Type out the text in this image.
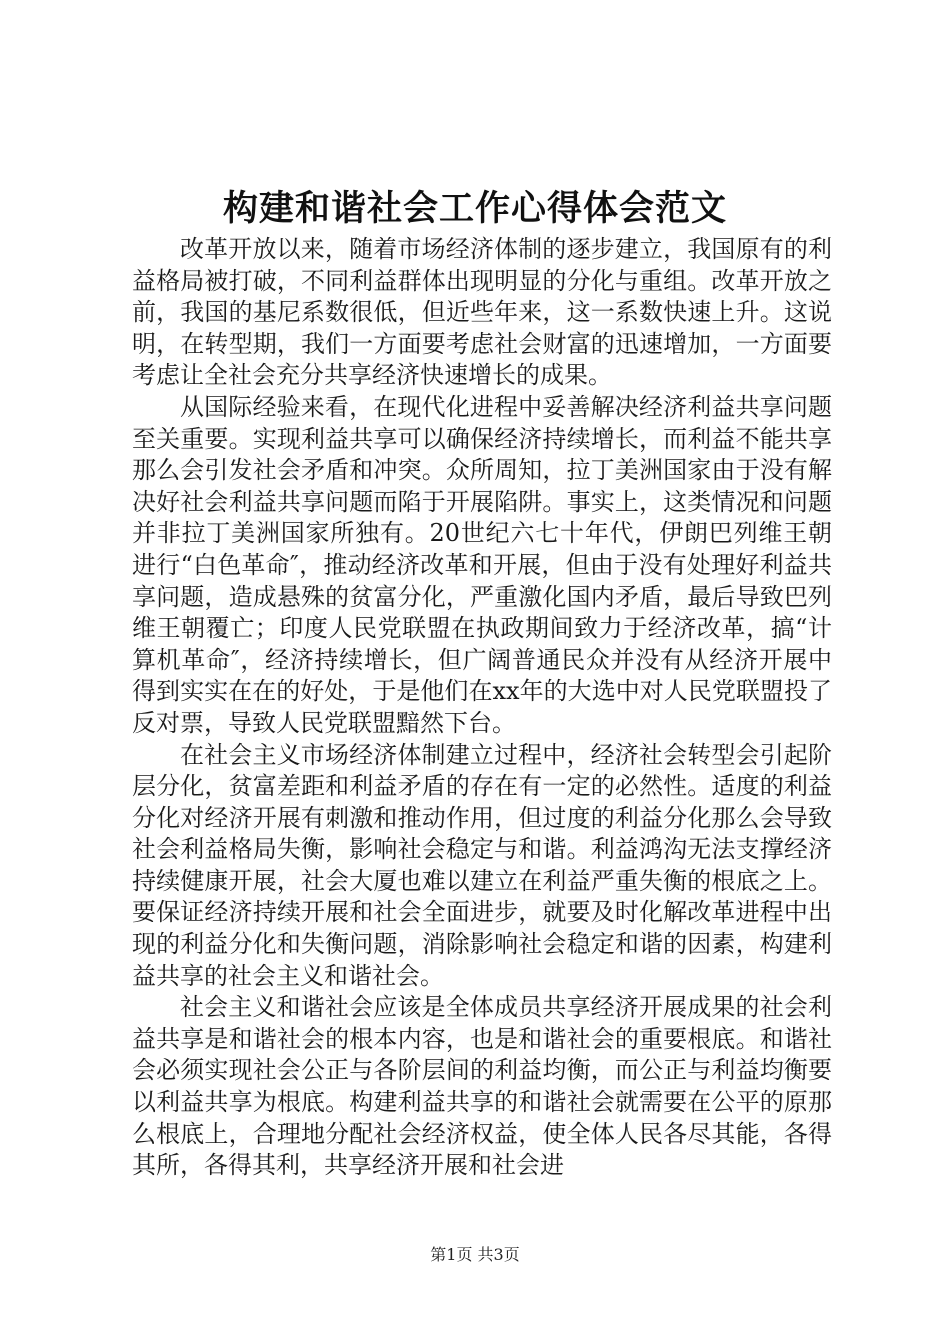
构建和谐社会工作心得体会范文

改革开放以来，随着市场经济体制的逐步建立，我国原有的利益格局被打破，不同利益群体出现明显的分化与重组。改革开放之前，我国的基尼系数很低，但近些年来，这一系数快速上升。这说明，在转型期，我们一方面要考虑社会财富的迅速增加，一方面要考虑让全社会充分共享经济快速增长的成果。

从国际经验来看，在现代化进程中妥善解决经济利益共享问题至关重要。实现利益共享可以确保经济持续增长，而利益不能共享那么会引发社会矛盾和冲突。众所周知，拉丁美洲国家由于没有解决好社会利益共享问题而陷于开展陷阱。事实上，这类情况和问题并非拉丁美洲国家所独有。20世纪六七十年代，伊朗巴列维王朝进行“白色革命″，推动经济改革和开展，但由于没有处理好利益共享问题，造成悬殊的贫富分化，严重激化国内矛盾，最后导致巴列维王朝覆亡；印度人民党联盟在执政期间致力于经济改革，搞“计算机革命″，经济持续增长，但广阔普通民众并没有从经济开展中得到实实在在的好处，于是他们在xx年的大选中对人民党联盟投了反对票，导致人民党联盟黯然下台。

在社会主义市场经济体制建立过程中，经济社会转型会引起阶层分化，贫富差距和利益矛盾的存在有一定的必然性。适度的利益分化对经济开展有刺激和推动作用，但过度的利益分化那么会导致社会利益格局失衡，影响社会稳定与和谐。利益鸿沟无法支撑经济持续健康开展，社会大厦也难以建立在利益严重失衡的根底之上。要保证经济持续开展和社会全面进步，就要及时化解改革进程中出现的利益分化和失衡问题，消除影响社会稳定和谐的因素，构建利益共享的社会主义和谐社会。

社会主义和谐社会应该是全体成员共享经济开展成果的社会利益共享是和谐社会的根本内容，也是和谐社会的重要根底。和谐社会必须实现社会公正与各阶层间的利益均衡，而公正与利益均衡要以利益共享为根底。构建利益共享的和谐社会就需要在公平的原那么根底上，合理地分配社会经济权益，使全体人民各尽其能，各得其所，各得其利，共享经济开展和社会进

第1页 共3页
